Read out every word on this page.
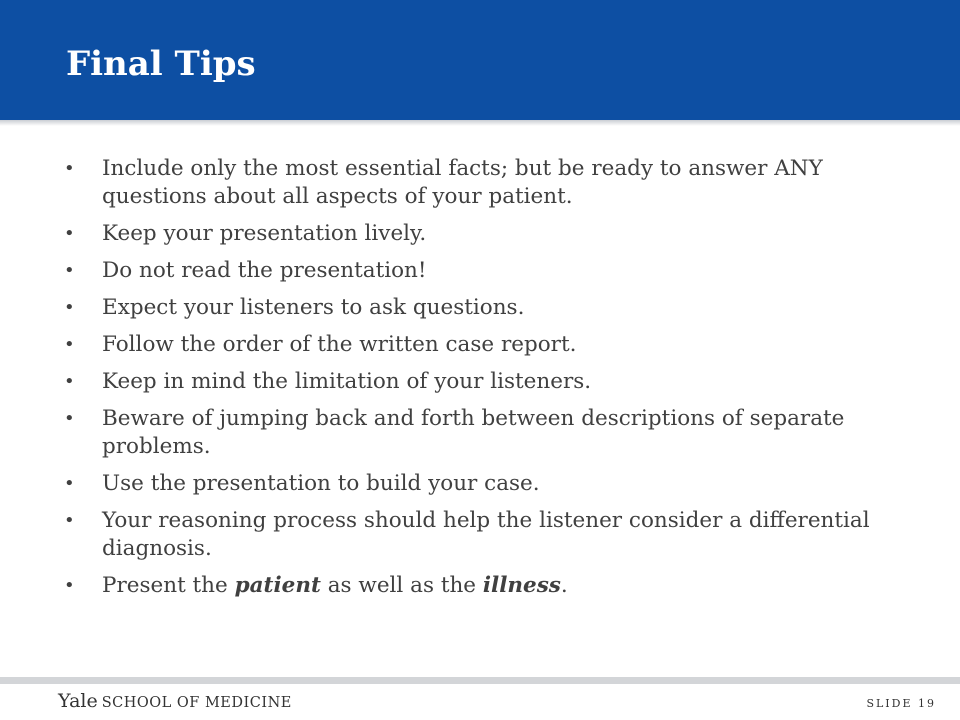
Final Tips
• Include only the most essential facts; but be ready to answer ANY questions about all aspects of your patient.
• Keep your presentation lively.
• Do not read the presentation!
• Expect your listeners to ask questions.
• Follow the order of the written case report.
• Keep in mind the limitation of your listeners.
• Beware of jumping back and forth between descriptions of separate problems.
• Use the presentation to build your case.
• Your reasoning process should help the listener consider a differential diagnosis.
• Present the patient as well as the illness.
Yale SCHOOL OF MEDICINE	SLIDE 19
